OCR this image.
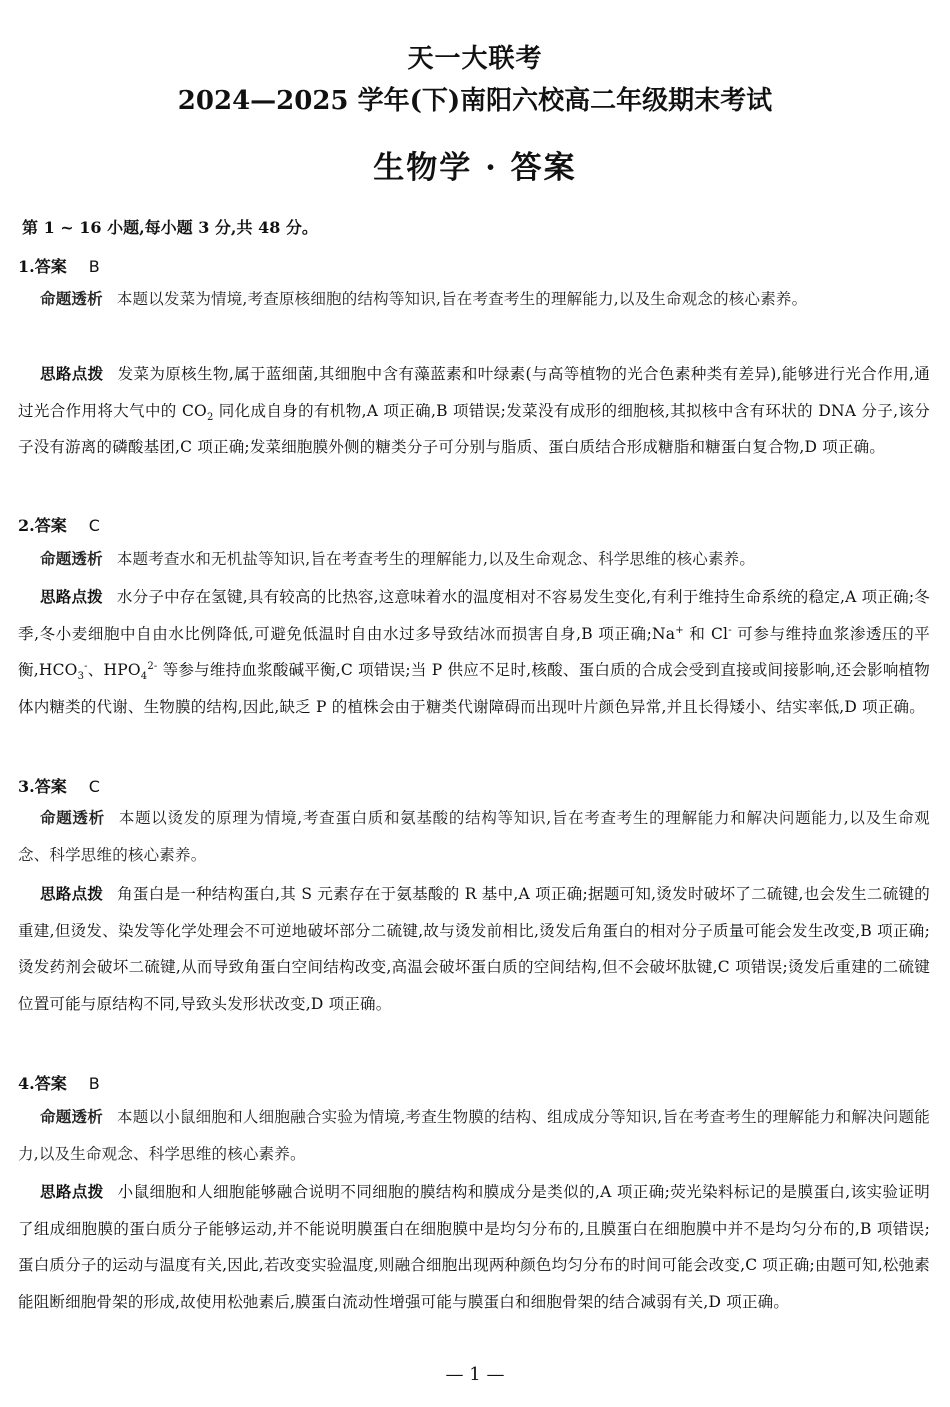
天一大联考
2024—2025 学年(下)南阳六校高二年级期末考试
生物学 · 答案
第 1 ~ 16 小题,每小题 3 分,共 48 分。
1.答案 B
命题透析 本题以发菜为情境,考查原核细胞的结构等知识,旨在考查考生的理解能力,以及生命观念的核心素养。
思路点拨 发菜为原核生物,属于蓝细菌,其细胞中含有藻蓝素和叶绿素(与高等植物的光合色素种类有差异),能够进行光合作用,通过光合作用将大气中的 $CO_2$ 同化成自身的有机物,A 项正确,B 项错误;发菜没有成形的细胞核,其拟核中含有环状的 DNA 分子,该分子没有游离的磷酸基团,C 项正确;发菜细胞膜外侧的糖类分子可分别与脂质、蛋白质结合形成糖脂和糖蛋白复合物,D 项正确。
2.答案 C
命题透析 本题考查水和无机盐等知识,旨在考查考生的理解能力,以及生命观念、科学思维的核心素养。
思路点拨 水分子中存在氢键,具有较高的比热容,这意味着水的温度相对不容易发生变化,有利于维持生命系统的稳定,A 项正确;冬季,冬小麦细胞中自由水比例降低,可避免低温时自由水过多导致结冰而损害自身,B 项正确;Na+ 和 Cl- 可参与维持血浆渗透压的平衡$,HCO_3^-$、$HPO_4^{2-}$ 等参与维持血浆酸碱平衡,C 项错误;当 P 供应不足时,核酸、蛋白质的合成会受到直接或间接影响,还会影响植物体内糖类的代谢、生物膜的结构,因此,缺乏 P 的植株会由于糖类代谢障碍而出现叶片颜色异常,并且长得矮小、结实率低,D 项正确。
3.答案 C
命题透析 本题以烫发的原理为情境,考查蛋白质和氨基酸的结构等知识,旨在考查考生的理解能力和解决问题能力,以及生命观念、科学思维的核心素养。
思路点拨 角蛋白是一种结构蛋白,其 S 元素存在于氨基酸的 R 基中,A 项正确;据题可知,烫发时破坏了二硫键,也会发生二硫键的重建,但烫发、染发等化学处理会不可逆地破坏部分二硫键,故与烫发前相比,烫发后角蛋白的相对分子质量可能会发生改变,B 项正确;烫发药剂会破坏二硫键,从而导致角蛋白空间结构改变,高温会破坏蛋白质的空间结构,但不会破坏肽键,C 项错误;烫发后重建的二硫键位置可能与原结构不同,导致头发形状改变,D 项正确。
4.答案 B
命题透析 本题以小鼠细胞和人细胞融合实验为情境,考查生物膜的结构、组成成分等知识,旨在考查考生的理解能力和解决问题能力,以及生命观念、科学思维的核心素养。
思路点拨 小鼠细胞和人细胞能够融合说明不同细胞的膜结构和膜成分是类似的,A 项正确;荧光染料标记的是膜蛋白,该实验证明了组成细胞膜的蛋白质分子能够运动,并不能说明膜蛋白在细胞膜中是均匀分布的,且膜蛋白在细胞膜中并不是均匀分布的,B 项错误;蛋白质分子的运动与温度有关,因此,若改变实验温度,则融合细胞出现两种颜色均匀分布的时间可能会改变,C 项正确;由题可知,松弛素能阻断细胞骨架的形成,故使用松弛素后,膜蛋白流动性增强可能与膜蛋白和细胞骨架的结合减弱有关,D 项正确。
— 1 —
